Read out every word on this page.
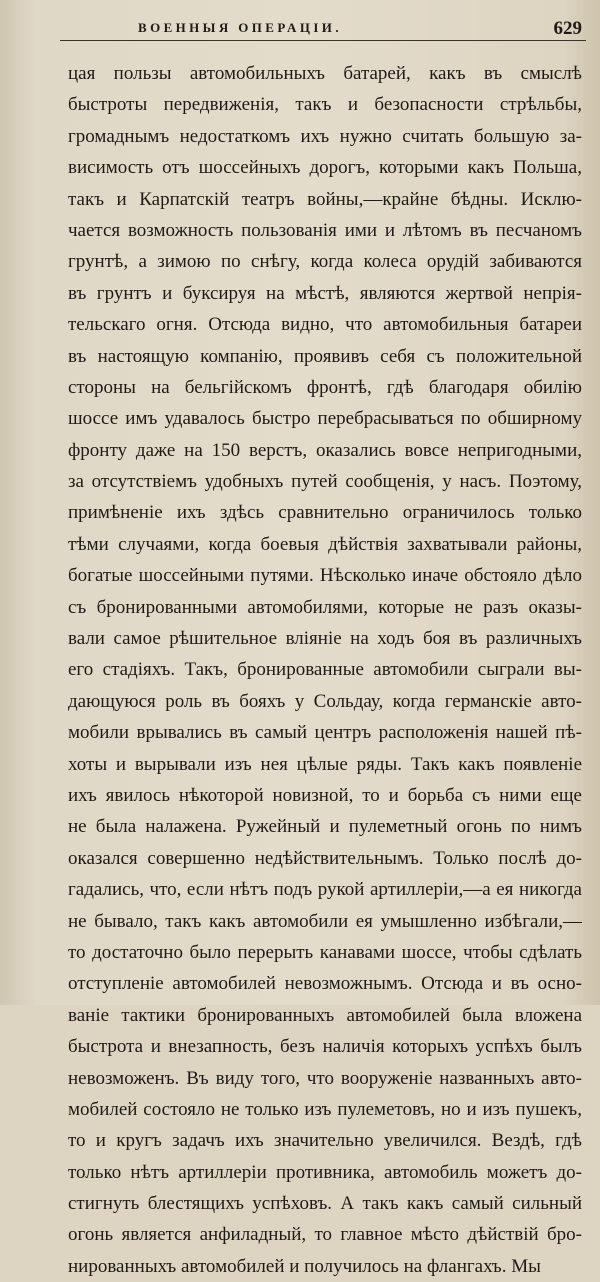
ВОЕННЫЯ ОПЕРАЦIИ.	629
цая пользы автомобильныхъ батарей, какъ въ смыслѣ
быстроты передвиженія, такъ и безопасности стрѣльбы,
громаднымъ недостаткомъ ихъ нужно считать большую за-
висимость отъ шоссейныхъ дорогъ, которыми какъ Польша,
такъ и Карпатскій театръ войны,—крайне бѣдны. Исклю-
чается возможность пользованія ими и лѣтомъ въ песчаномъ
грунтѣ, а зимою по снѣгу, когда колеса орудій забиваются
въ грунтъ и буксируя на мѣстѣ, являются жертвой непрія-
тельскаго огня. Отсюда видно, что автомобильныя батареи
въ настоящую компанію, проявивъ себя съ положительной
стороны на бельгійскомъ фронтѣ, гдѣ благодаря обилію
шоссе имъ удавалось быстро перебрасываться по обширному
фронту даже на 150 верстъ, оказались вовсе непригодными,
за отсутствіемъ удобныхъ путей сообщенія, у насъ. Поэтому,
примѣненіе ихъ здѣсь сравнительно ограничилось только
тѣми случаями, когда боевыя дѣйствія захватывали районы,
богатые шоссейными путями. Нѣсколько иначе обстояло дѣло
съ бронированными автомобилями, которые не разъ оказы-
вали самое рѣшительное вліяніе на ходъ боя въ различныхъ
его стадіяхъ. Такъ, бронированные автомобили сыграли вы-
дающуюся роль въ бояхъ у Сольдау, когда германскіе авто-
мобили врывались въ самый центръ расположенія нашей пѣ-
хоты и вырывали изъ нея цѣлые ряды. Такъ какъ появленіе
ихъ явилось нѣкоторой новизной, то и борьба съ ними еще
не была налажена. Ружейный и пулеметный огонь по нимъ
оказался совершенно недѣйствительнымъ. Только послѣ до-
гадались, что, если нѣтъ подъ рукой артиллеріи,—а ея никогда
не бывало, такъ какъ автомобили ея умышленно избѣгали,—
то достаточно было перерыть канавами шоссе, чтобы сдѣлать
отступленіе автомобилей невозможнымъ. Отсюда и въ осно-
ваніе тактики бронированныхъ автомобилей была вложена
быстрота и внезапность, безъ наличія которыхъ успѣхъ былъ
невозможенъ. Въ виду того, что вооруженіе названныхъ авто-
мобилей состояло не только изъ пулеметовъ, но и изъ пушекъ,
то и кругъ задачъ ихъ значительно увеличился. Вездѣ, гдѣ
только нѣтъ артиллеріи противника, автомобиль можетъ до-
стигнуть блестящихъ успѣховъ. А такъ какъ самый сильный
огонь является анфиладный, то главное мѣсто дѣйствій бро-
нированныхъ автомобилей и получилось на флангахъ. Мы
